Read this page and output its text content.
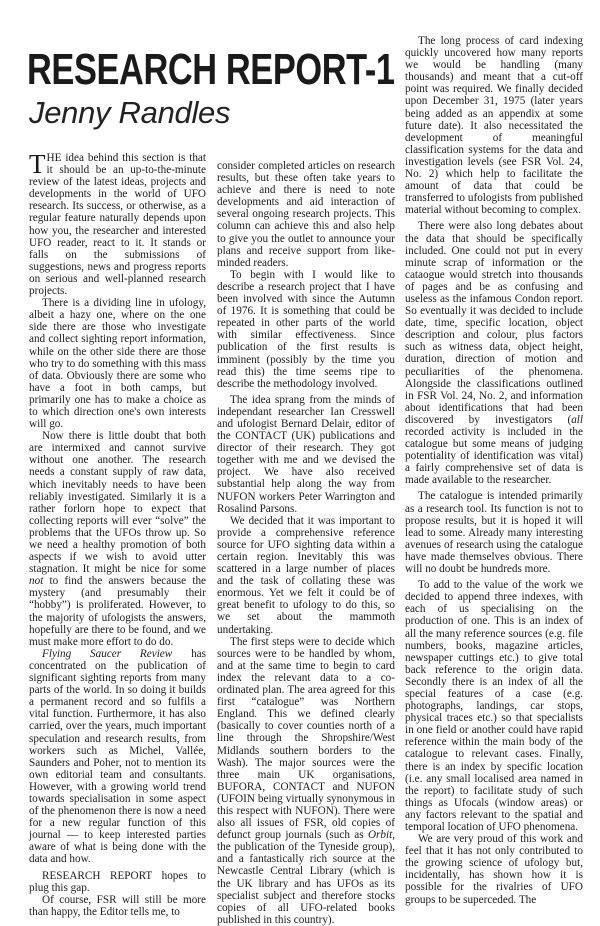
RESEARCH REPORT-1
Jenny Randles

THE idea behind this section is that it should be an up-to-the-minute review of the latest ideas, projects and developments in the world of UFO research. Its success, or otherwise, as a regular feature naturally depends upon how you, the researcher and interested UFO reader, react to it. It stands or falls on the submissions of suggestions, news and progress reports on serious and well-planned research projects.

There is a dividing line in ufology, albeit a hazy one, where on the one side there are those who investigate and collect sighting report information, while on the other side there are those who try to do something with this mass of data. Obviously there are some who have a foot in both camps, but primarily one has to make a choice as to which direction one's own interests will go.

Now there is little doubt that both are intermixed and cannot survive without one another. The research needs a constant supply of raw data, which inevitably needs to have been reliably investigated. Similarly it is a rather forlorn hope to expect that collecting reports will ever “solve” the problems that the UFOs throw up. So we need a healthy promotion of both aspects if we wish to avoid utter stagnation. It might be nice for some not to find the answers because the mystery (and presumably their “hobby”) is proliferated. However, to the majority of ufologists the answers, hopefully are there to be found, and we must make more effort to do do.

Flying Saucer Review has concentrated on the publication of significant sighting reports from many parts of the world. In so doing it builds a permanent record and so fulfils a vital function. Furthermore, it has also carried, over the years, much important speculation and research results, from workers such as Michel, Vallée, Saunders and Poher, not to mention its own editorial team and consultants. However, with a growing world trend towards specialisation in some aspect of the phenomenon there is now a need for a new regular function of this journal — to keep interested parties aware of what is being done with the data and how.

RESEARCH REPORT hopes to plug this gap.

Of course, FSR will still be more than happy, the Editor tells me, to

consider completed articles on research results, but these often take years to achieve and there is need to note developments and aid interaction of several ongoing research projects. This column can achieve this and also help to give you the outlet to announce your plans and receive support from like-minded readers.

To begin with I would like to describe a research project that I have been involved with since the Autumn of 1976. It is something that could be repeated in other parts of the world with similar effectiveness. Since publication of the first results is imminent (possibly by the time you read this) the time seems ripe to describe the methodology involved.

The idea sprang from the minds of independant researcher Ian Cresswell and ufologist Bernard Delair, editor of the CONTACT (UK) publications and director of their research. They got together with me and we devised the project. We have also received substantial help along the way from NUFON workers Peter Warrington and Rosalind Parsons.

We decided that it was important to provide a comprehensive reference source for UFO sighting data within a certain region. Inevitably this was scattered in a large number of places and the task of collating these was enormous. Yet we felt it could be of great benefit to ufology to do this, so we set about the mammoth undertaking.

The first steps were to decide which sources were to be handled by whom, and at the same time to begin to card index the relevant data to a co-ordinated plan. The area agreed for this first “catalogue” was Northern England. This we defined clearly (basically to cover counties north of a line through the Shropshire/West Midlands southern borders to the Wash). The major sources were the three main UK organisations, BUFORA, CONTACT and NUFON (UFOIN being virtually synonymous in this respect with NUFON). There were also all issues of FSR, old copies of defunct group journals (such as Orbit, the publication of the Tyneside group), and a fantastically rich source at the Newcastle Central Library (which is the UK library and has UFOs as its specialist subject and therefore stocks copies of all UFO-related books published in this country).

The long process of card indexing quickly uncovered how many reports we would be handling (many thousands) and meant that a cut-off point was required. We finally decided upon December 31, 1975 (later years being added as an appendix at some future date). It also necessitated the development of meaningful classification systems for the data and investigation levels (see FSR Vol. 24, No. 2) which help to facilitate the amount of data that could be transferred to ufologists from published material without becoming to complex.

There were also long debates about the data that should be specifically included. One could not put in every minute scrap of information or the cataogue would stretch into thousands of pages and be as confusing and useless as the infamous Condon report. So eventually it was decided to include date, time, specific location, object description and colour, plus factors such as witness data, object height, duration, direction of motion and peculiarities of the phenomena. Alongside the classifications outlined in FSR Vol. 24, No. 2, and information about identifications that had been discovered by investigators (all recorded activity is included in the catalogue but some means of judging potentiality of identification was vital) a fairly comprehensive set of data is made available to the researcher.

The catalogue is intended primarily as a research tool. Its function is not to propose results, but it is hoped it will lead to some. Already many interesting avenues of research using the catalogue have made themselves obvious. There will no doubt be hundreds more.

To add to the value of the work we decided to append three indexes, with each of us specialising on the production of one. This is an index of all the many reference sources (e.g. file numbers, books, magazine articles, newspaper cuttings etc.) to give total back reference to the origin data. Secondly there is an index of all the special features of a case (e.g. photographs, landings, car stops, physical traces etc.) so that specialists in one field or another could have rapid reference within the main body of the catalogue to relevant cases. Finally, there is an index by specific location (i.e. any small localised area named in the report) to facilitate study of such things as Ufocals (window areas) or any factors relevant to the spatial and temporal location of UFO phenomena.

We are very proud of this work and feel that it has not only contributed to the growing science of ufology but, incidentally, has shown how it is possible for the rivalries of UFO groups to be superceded. The
